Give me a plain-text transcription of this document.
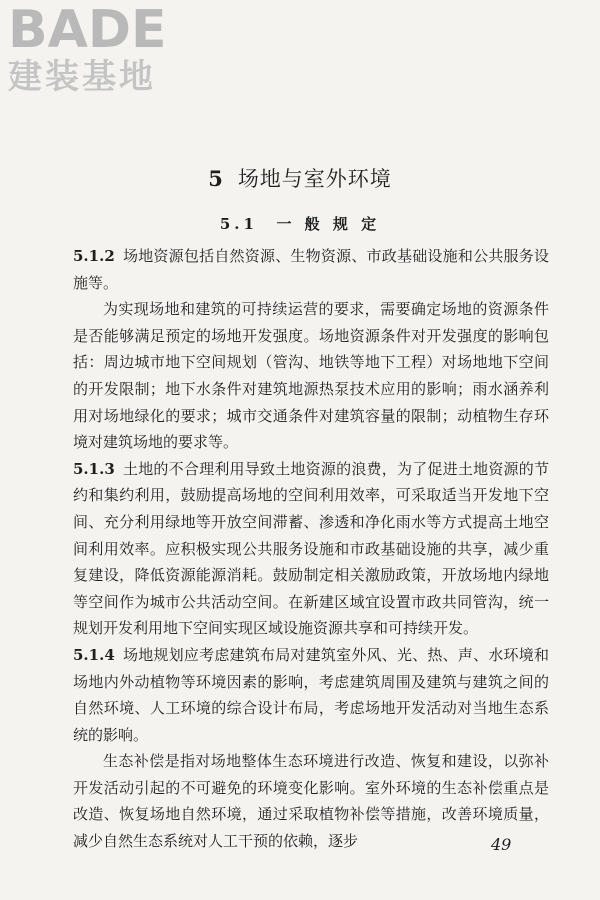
BADE
建装基地
5 场地与室外环境
5.1 一 般 规 定

5.1.2 场地资源包括自然资源、生物资源、市政基础设施和公共服务设施等。

为实现场地和建筑的可持续运营的要求，需要确定场地的资源条件是否能够满足预定的场地开发强度。场地资源条件对开发强度的影响包括：周边城市地下空间规划（管沟、地铁等地下工程）对场地地下空间的开发限制；地下水条件对建筑地源热泵技术应用的影响；雨水涵养利用对场地绿化的要求；城市交通条件对建筑容量的限制；动植物生存环境对建筑场地的要求等。

5.1.3 土地的不合理利用导致土地资源的浪费，为了促进土地资源的节约和集约利用，鼓励提高场地的空间利用效率，可采取适当开发地下空间、充分利用绿地等开放空间滞蓄、渗透和净化雨水等方式提高土地空间利用效率。应积极实现公共服务设施和市政基础设施的共享，减少重复建设，降低资源能源消耗。鼓励制定相关激励政策，开放场地内绿地等空间作为城市公共活动空间。在新建区域宜设置市政共同管沟，统一规划开发利用地下空间实现区域设施资源共享和可持续开发。

5.1.4 场地规划应考虑建筑布局对建筑室外风、光、热、声、水环境和场地内外动植物等环境因素的影响，考虑建筑周围及建筑与建筑之间的自然环境、人工环境的综合设计布局，考虑场地开发活动对当地生态系统的影响。

生态补偿是指对场地整体生态环境进行改造、恢复和建设，以弥补开发活动引起的不可避免的环境变化影响。室外环境的生态补偿重点是改造、恢复场地自然环境，通过采取植物补偿等措施，改善环境质量，减少自然生态系统对人工干预的依赖，逐步	49
